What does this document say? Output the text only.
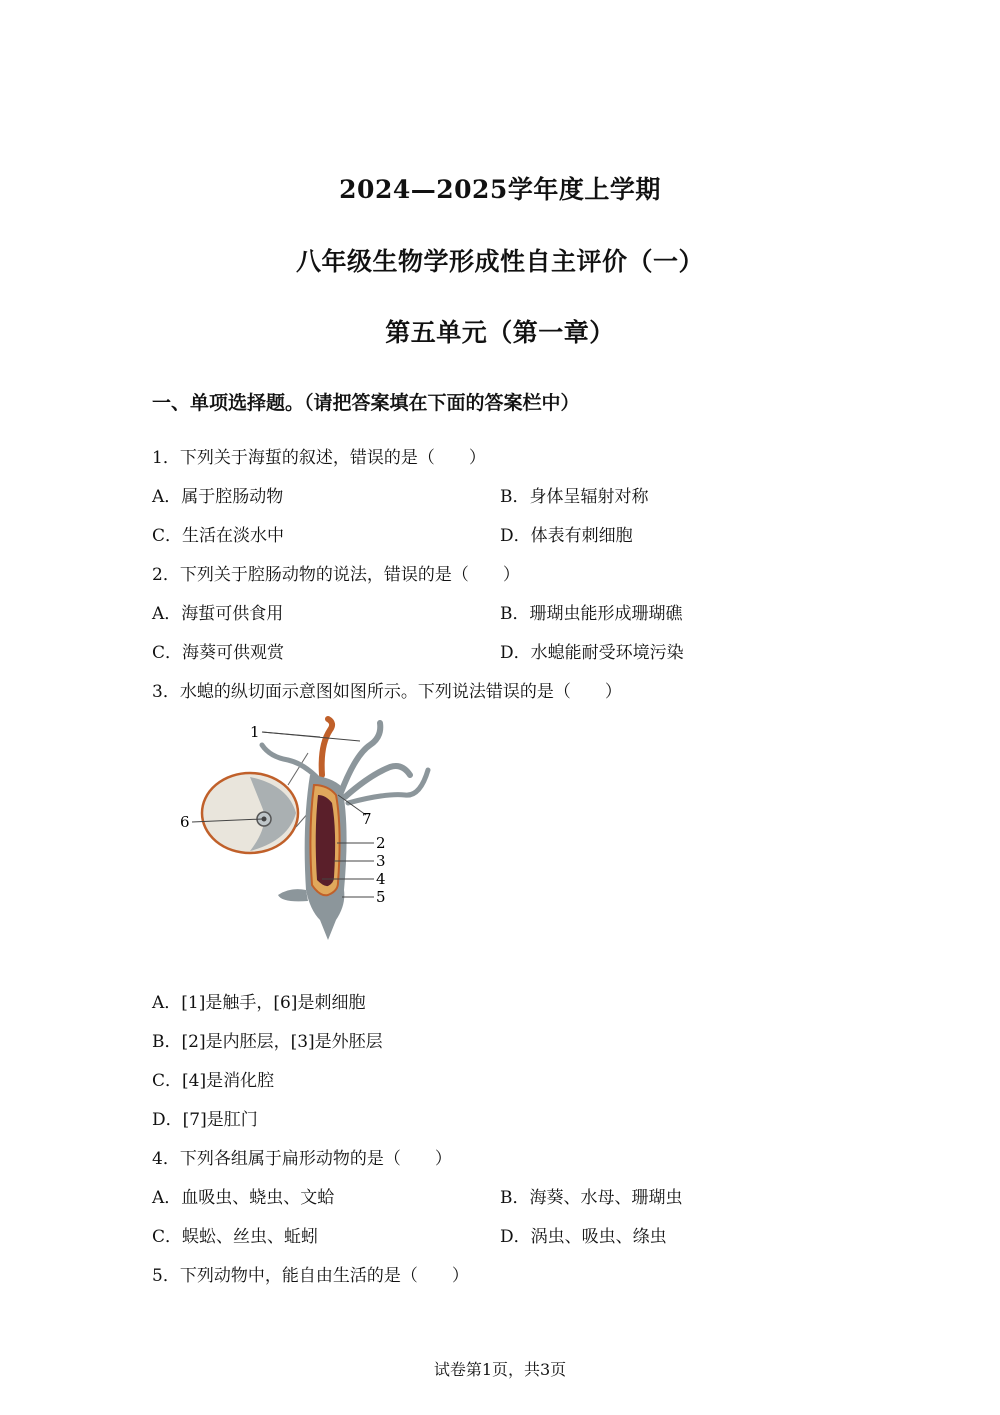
2024—2025学年度上学期
八年级生物学形成性自主评价（一）
第五单元（第一章）
一、单项选择题。（请把答案填在下面的答案栏中）
1．下列关于海蜇的叙述，错误的是（　　）
A．属于腔肠动物	B．身体呈辐射对称
C．生活在淡水中	D．体表有刺细胞
2．下列关于腔肠动物的说法，错误的是（　　）
A．海蜇可供食用	B．珊瑚虫能形成珊瑚礁
C．海葵可供观赏	D．水螅能耐受环境污染
3．水螅的纵切面示意图如图所示。下列说法错误的是（　　）
1
2
3
4
5
6	7
A．[1]是触手，[6]是刺细胞
B．[2]是内胚层，[3]是外胚层
C．[4]是消化腔
D．[7]是肛门
4．下列各组属于扁形动物的是（　　）
A．血吸虫、蛲虫、文蛤	B．海葵、水母、珊瑚虫
C．蜈蚣、丝虫、蚯蚓	D．涡虫、吸虫、绦虫
5．下列动物中，能自由生活的是（　　）
试卷第1页，共3页
